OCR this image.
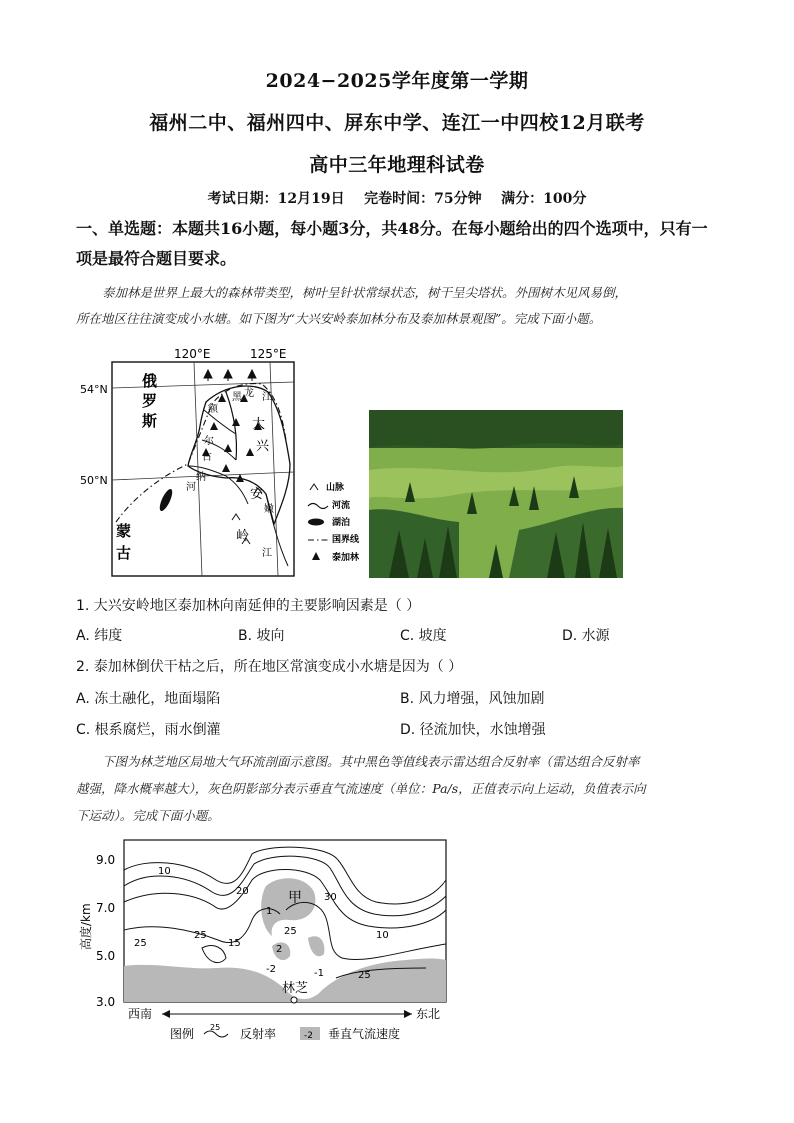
2024−2025学年度第一学期
福州二中、福州四中、屏东中学、连江一中四校12月联考
高中三年地理科试卷
考试日期：12月19日    完卷时间：75分钟    满分：100分
一、单选题：本题共16小题，每小题3分，共48分。在每小题给出的四个选项中，只有一
项是最符合题目要求。
泰加林是世界上最大的森林带类型，树叶呈针状常绿状态，树干呈尖塔状。外围树木见风易倒，
所在地区往往演变成小水塘。如下图为“大兴安岭泰加林分布及泰加林景观图”。完成下面小题。
120°E	125°E
54°N
50°N
俄
罗
斯
蒙
古
额
尔
古
纳
河
黑 龙 江
大
兴
安
岭
嫩
江
山脉
河流
湖泊
国界线
泰加林
1. 大兴安岭地区泰加林向南延伸的主要影响因素是（ ）
A. 纬度	B. 坡向	C. 坡度	D. 水源
2. 泰加林倒伏干枯之后，所在地区常演变成小水塘是因为（ ）
A. 冻土融化，地面塌陷	B. 风力增强，风蚀加剧
C. 根系腐烂，雨水倒灌	D. 径流加快，水蚀增强
下图为林芝地区局地大气环流剖面示意图。其中黑色等值线表示雷达组合反射率（雷达组合反射率
越强，降水概率越大），灰色阴影部分表示垂直气流速度（单位：Pa/s，正值表示向上运动，负值表示向
下运动）。完成下面小题。
10
20
30
25
25
15
10
25
-2	-1
1
2
25
甲
林芝
9.0
7.0
5.0
3.0
高度/km
西南	东北
图例 25 反射率	-2 垂直气流速度
